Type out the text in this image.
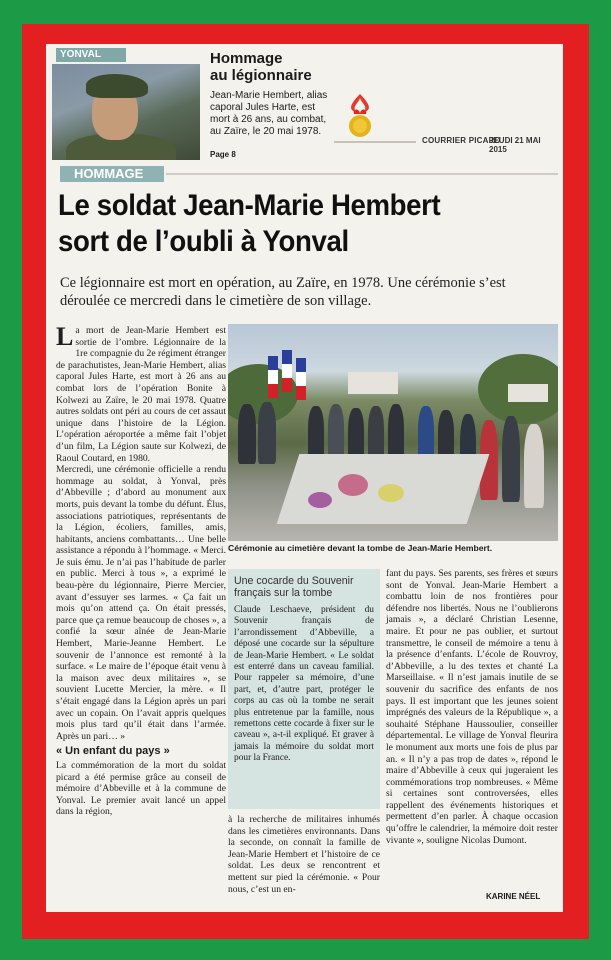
YONVAL	Hommage
au légionnaire
Jean-Marie Hembert, alias caporal Jules Harte, est mort à 26 ans, au combat, au Zaïre, le 20 mai 1978.
Page 8
COURRIER PICARD
JEUDI 21 MAI 2015
HOMMAGE
Le soldat Jean-Marie Hembert
sort de l’oubli à Yonval
Ce légionnaire est mort en opération, au Zaïre, en 1978. Une cérémonie s’est déroulée ce mercredi dans le cimetière de son village.
L a mort de Jean-Marie Hembert est sortie de l’ombre. Légionnaire de la 1re compagnie du 2e régiment étranger de parachutistes, Jean-Marie Hembert, alias caporal Jules Harte, est mort à 26 ans au combat lors de l’opération Bonite à Kolwezi au Zaïre, le 20 mai 1978. Quatre autres soldats ont péri au cours de cet assaut unique dans l’histoire de la Légion. L’opération aéroportée a même fait l’objet d’un film, La Légion saute sur Kolwezi, de Raoul Coutard, en 1980.

Mercredi, une cérémonie officielle a rendu hommage au soldat, à Yonval, près d’Abbeville ; d’abord au monument aux morts, puis devant la tombe du défunt. Élus, associations patriotiques, représentants de la Légion, écoliers, familles, amis, habitants, anciens combattants… Une belle assistance a répondu à l’hommage. « Merci. Je suis ému. Je n’ai pas l’habitude de parler en public. Merci à tous », a exprimé le beau-père du légionnaire, Pierre Mercier, avant d’essuyer ses larmes. « Ça fait un mois qu’on attend ça. On était pressés, parce que ça remue beaucoup de choses », a confié la sœur aînée de Jean-Marie Hembert, Marie-Jeanne Hembert. Le souvenir de l’annonce est remonté à la surface. « Le maire de l’époque était venu à la maison avec deux militaires », se souvient Lucette Mercier, la mère. « Il s’était engagé dans la Légion après un pari avec un copain. On l’avait appris quelques mois plus tard qu’il était dans l’armée. Après un pari… »

« Un enfant du pays »

La commémoration de la mort du soldat picard a été permise grâce au conseil de mémoire d’Abbeville et à la commune de Yonval. Le premier avait lancé un appel dans la région,

Cérémonie au cimetière devant la tombe de Jean-Marie Hembert.
Une cocarde du Souvenir français sur la tombe
Claude Leschaeve, président du Souvenir français de l’arrondissement d’Abbeville, a déposé une cocarde sur la sépulture de Jean-Marie Hembert. « Le soldat est enterré dans un caveau familial. Pour rappeler sa mémoire, d’une part, et, d’autre part, protéger le corps au cas où la tombe ne serait plus entretenue par la famille, nous remettons cette cocarde à fixer sur le caveau », a-t-il expliqué. Et graver à jamais la mémoire du soldat mort pour la France.
à la recherche de militaires inhumés dans les cimetières environnants. Dans la seconde, on connaît la famille de Jean-Marie Hembert et l’histoire de ce soldat. Les deux se rencontrent et mettent sur pied la cérémonie. « Pour nous, c’est un en-
fant du pays. Ses parents, ses frères et sœurs sont de Yonval. Jean-Marie Hembert a combattu loin de nos frontières pour défendre nos libertés. Nous ne l’oublierons jamais », a déclaré Christian Lesenne, maire. Et pour ne pas oublier, et surtout transmettre, le conseil de mémoire a tenu à la présence d’enfants. L’école de Rouvroy, d’Abbeville, a lu des textes et chanté La Marseillaise. « Il n’est jamais inutile de se souvenir du sacrifice des enfants de nos pays. Il est important que les jeunes soient imprégnés des valeurs de la République », a souhaité Stéphane Haussoulier, conseiller départemental. Le village de Yonval fleurira le monument aux morts une fois de plus par an. « Il n’y a pas trop de dates », répond le maire d’Abbeville à ceux qui jugeraient les commémorations trop nombreuses. « Même si certaines sont controversées, elles rappellent des événements historiques et permettent d’en parler. À chaque occasion qu’offre le calendrier, la mémoire doit rester vivante », souligne Nicolas Dumont.
KARINE NÉEL
